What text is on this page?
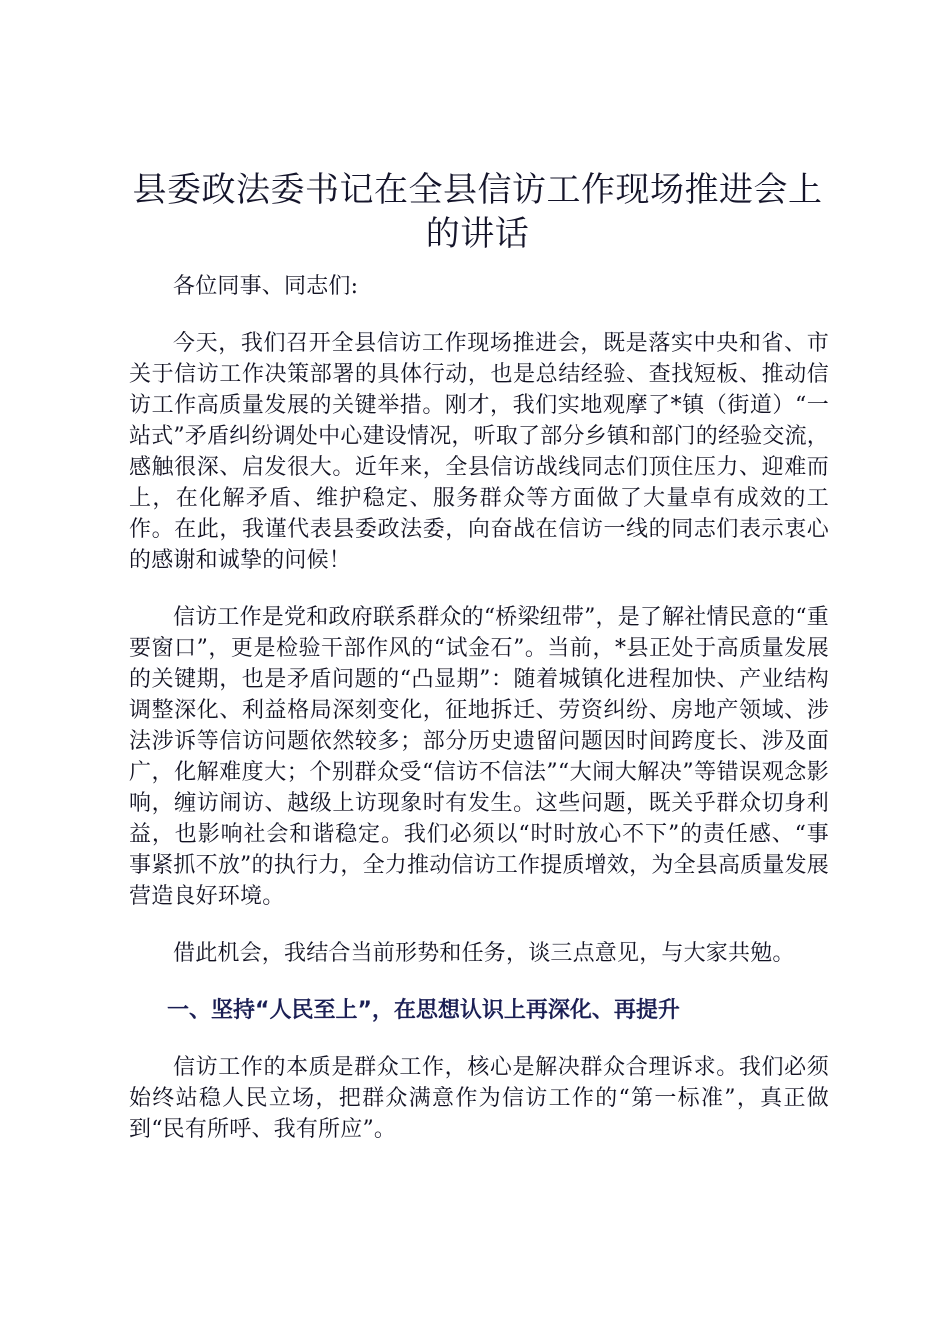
县委政法委书记在全县信访工作现场推进会上的讲话

各位同事、同志们:

今天，我们召开全县信访工作现场推进会，既是落实中央和省、市关于信访工作决策部署的具体行动，也是总结经验、查找短板、推动信访工作高质量发展的关键举措。刚才，我们实地观摩了*镇（街道）“一站式”矛盾纠纷调处中心建设情况，听取了部分乡镇和部门的经验交流，感触很深、启发很大。近年来，全县信访战线同志们顶住压力、迎难而上，在化解矛盾、维护稳定、服务群众等方面做了大量卓有成效的工作。在此，我谨代表县委政法委，向奋战在信访一线的同志们表示衷心的感谢和诚挚的问候！

信访工作是党和政府联系群众的“桥梁纽带”，是了解社情民意的“重要窗口”，更是检验干部作风的“试金石”。当前，*县正处于高质量发展的关键期，也是矛盾问题的“凸显期”：随着城镇化进程加快、产业结构调整深化、利益格局深刻变化，征地拆迁、劳资纠纷、房地产领域、涉法涉诉等信访问题依然较多；部分历史遗留问题因时间跨度长、涉及面广，化解难度大；个别群众受“信访不信法”“大闹大解决”等错误观念影响，缠访闹访、越级上访现象时有发生。这些问题，既关乎群众切身利益，也影响社会和谐稳定。我们必须以“时时放心不下”的责任感、“事事紧抓不放”的执行力，全力推动信访工作提质增效，为全县高质量发展营造良好环境。

借此机会，我结合当前形势和任务，谈三点意见，与大家共勉。

一、坚持“人民至上”，在思想认识上再深化、再提升

信访工作的本质是群众工作，核心是解决群众合理诉求。我们必须始终站稳人民立场，把群众满意作为信访工作的“第一标准”，真正做到“民有所呼、我有所应”。
